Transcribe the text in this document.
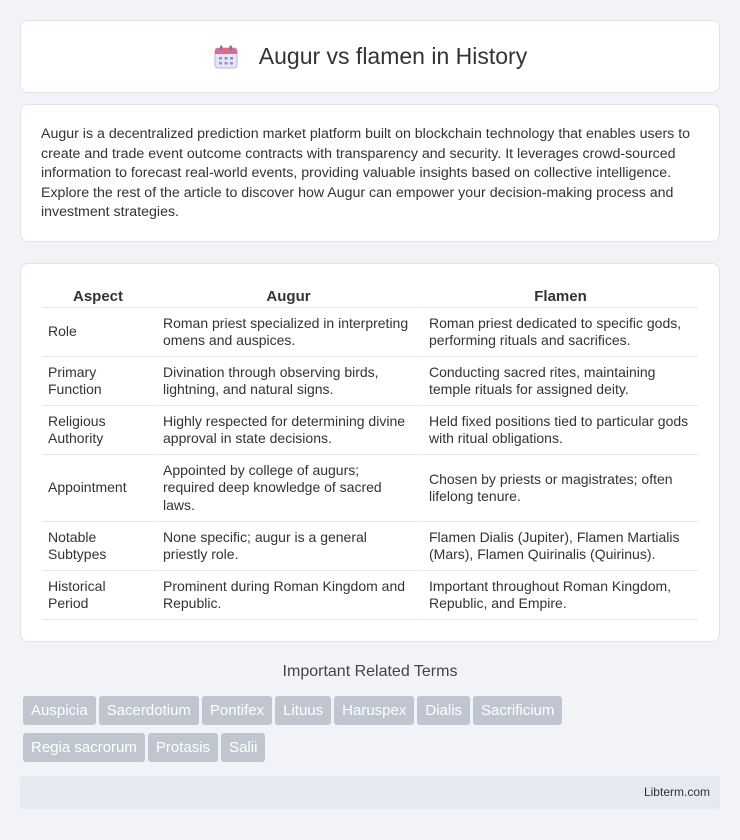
Augur vs flamen in History

Augur is a decentralized prediction market platform built on blockchain technology that enables users to create and trade event outcome contracts with transparency and security. It leverages crowd-sourced information to forecast real-world events, providing valuable insights based on collective intelligence. Explore the rest of the article to discover how Augur can empower your decision-making process and investment strategies.

Aspect	Augur	Flamen
Role	Roman priest specialized in interpreting omens and auspices.	Roman priest dedicated to specific gods, performing rituals and sacrifices.
Primary Function	Divination through observing birds, lightning, and natural signs.	Conducting sacred rites, maintaining temple rituals for assigned deity.
Religious Authority	Highly respected for determining divine approval in state decisions.	Held fixed positions tied to particular gods with ritual obligations.
Appointment	Appointed by college of augurs; required deep knowledge of sacred laws.	Chosen by priests or magistrates; often lifelong tenure.
Notable Subtypes	None specific; augur is a general priestly role.	Flamen Dialis (Jupiter), Flamen Martialis (Mars), Flamen Quirinalis (Quirinus).
Historical Period	Prominent during Roman Kingdom and Republic.	Important throughout Roman Kingdom, Republic, and Empire.
Important Related Terms
Auspicia Sacerdotium Pontifex Lituus Haruspex Dialis Sacrificium
Regia sacrorum Protasis Salii
Libterm.com
